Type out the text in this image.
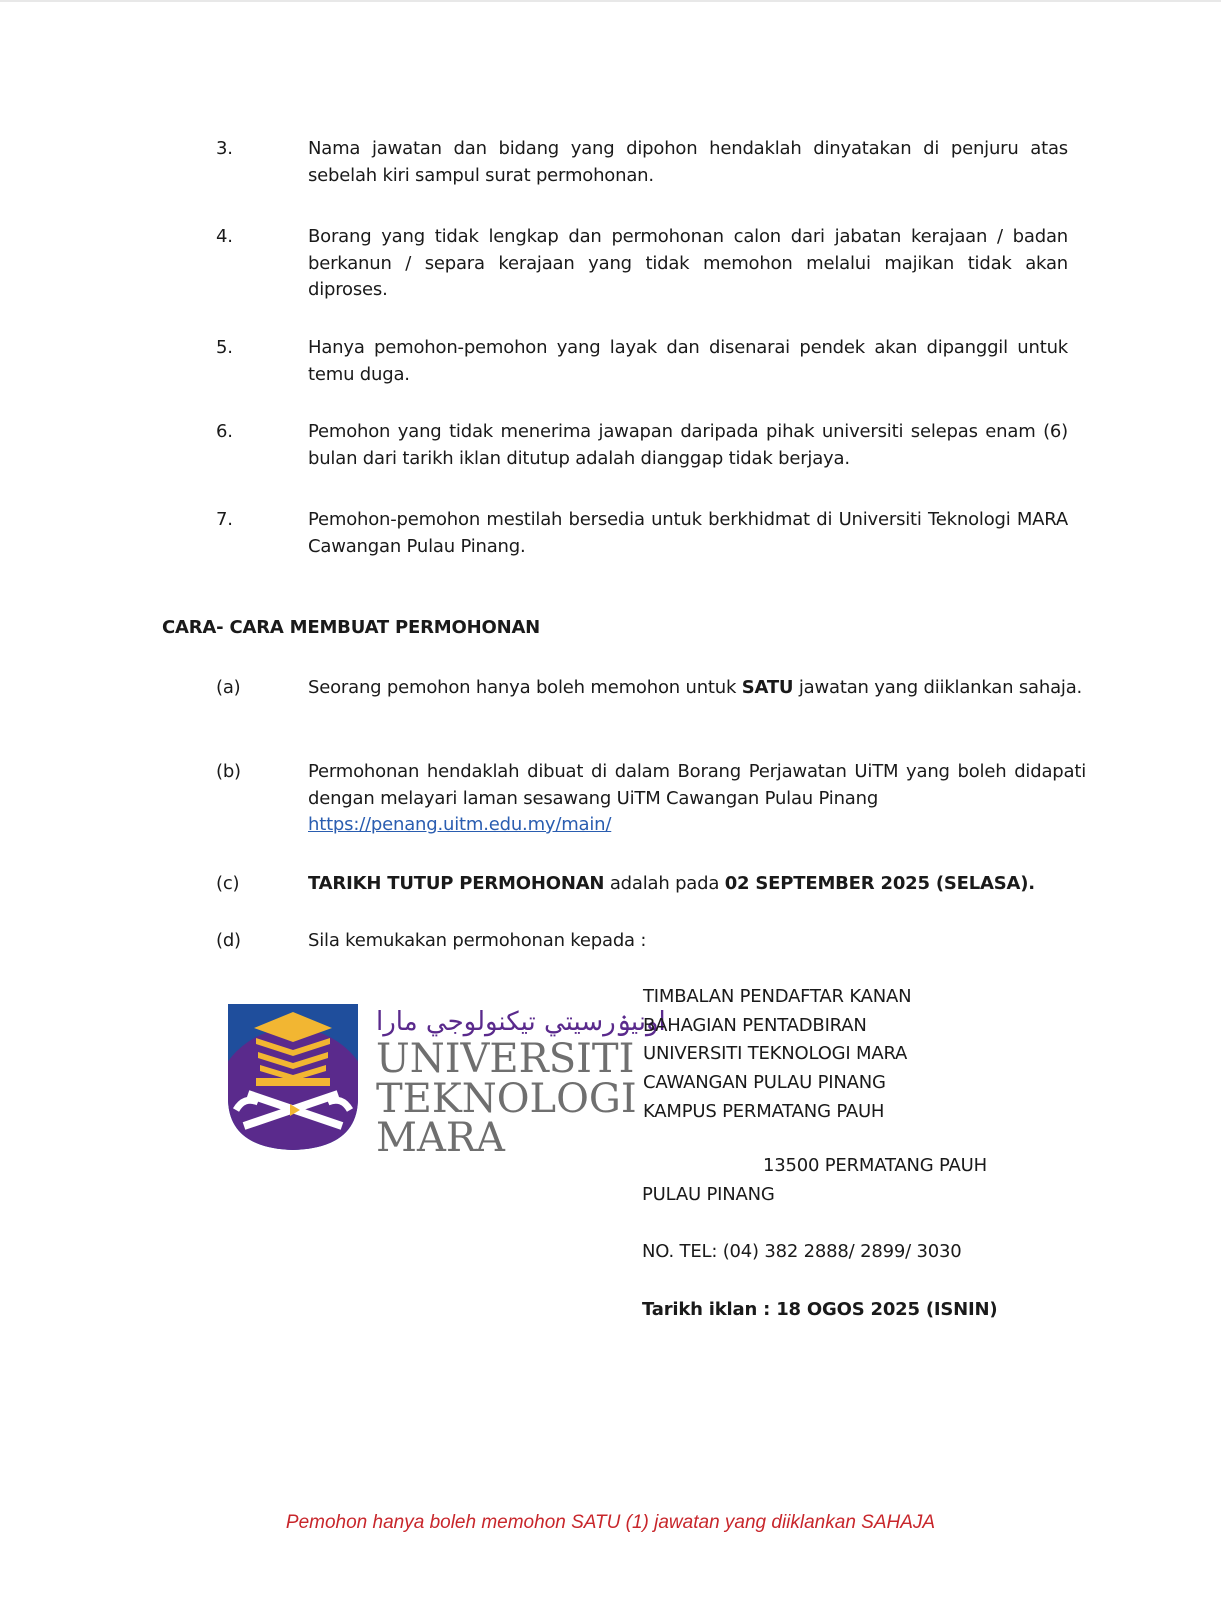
3.	Nama jawatan dan bidang yang dipohon hendaklah dinyatakan di penjuru atas sebelah kiri sampul surat permohonan.
4.	Borang yang tidak lengkap dan permohonan calon dari jabatan kerajaan / badan berkanun / separa kerajaan yang tidak memohon melalui majikan tidak akan diproses.
5.	Hanya pemohon-pemohon yang layak dan disenarai pendek akan dipanggil untuk temu duga.
6.	Pemohon yang tidak menerima jawapan daripada pihak universiti selepas enam (6) bulan dari tarikh iklan ditutup adalah dianggap tidak berjaya.
7.	Pemohon-pemohon mestilah bersedia untuk berkhidmat di Universiti Teknologi MARA Cawangan Pulau Pinang.
CARA- CARA MEMBUAT PERMOHONAN
(a)	Seorang pemohon hanya boleh memohon untuk SATU jawatan yang diiklankan sahaja.
(b)	Permohonan hendaklah dibuat di dalam Borang Perjawatan UiTM yang boleh didapati dengan melayari laman sesawang UiTM Cawangan Pulau Pinang
https://penang.uitm.edu.my/main/
(c)	TARIKH TUTUP PERMOHONAN adalah pada 02 SEPTEMBER 2025 (SELASA).
(d)	Sila kemukakan permohonan kepada :
اونيۏرسيتي تيكنولوجي مارا
UNIVERSITI
TEKNOLOGI
MARA
TIMBALAN PENDAFTAR KANAN
BAHAGIAN PENTADBIRAN
UNIVERSITI TEKNOLOGI MARA
CAWANGAN PULAU PINANG
KAMPUS PERMATANG PAUH
13500 PERMATANG PAUH
PULAU PINANG
NO. TEL: (04) 382 2888/ 2899/ 3030
Tarikh iklan : 18 OGOS 2025 (ISNIN)
Pemohon hanya boleh memohon SATU (1) jawatan yang diiklankan SAHAJA
